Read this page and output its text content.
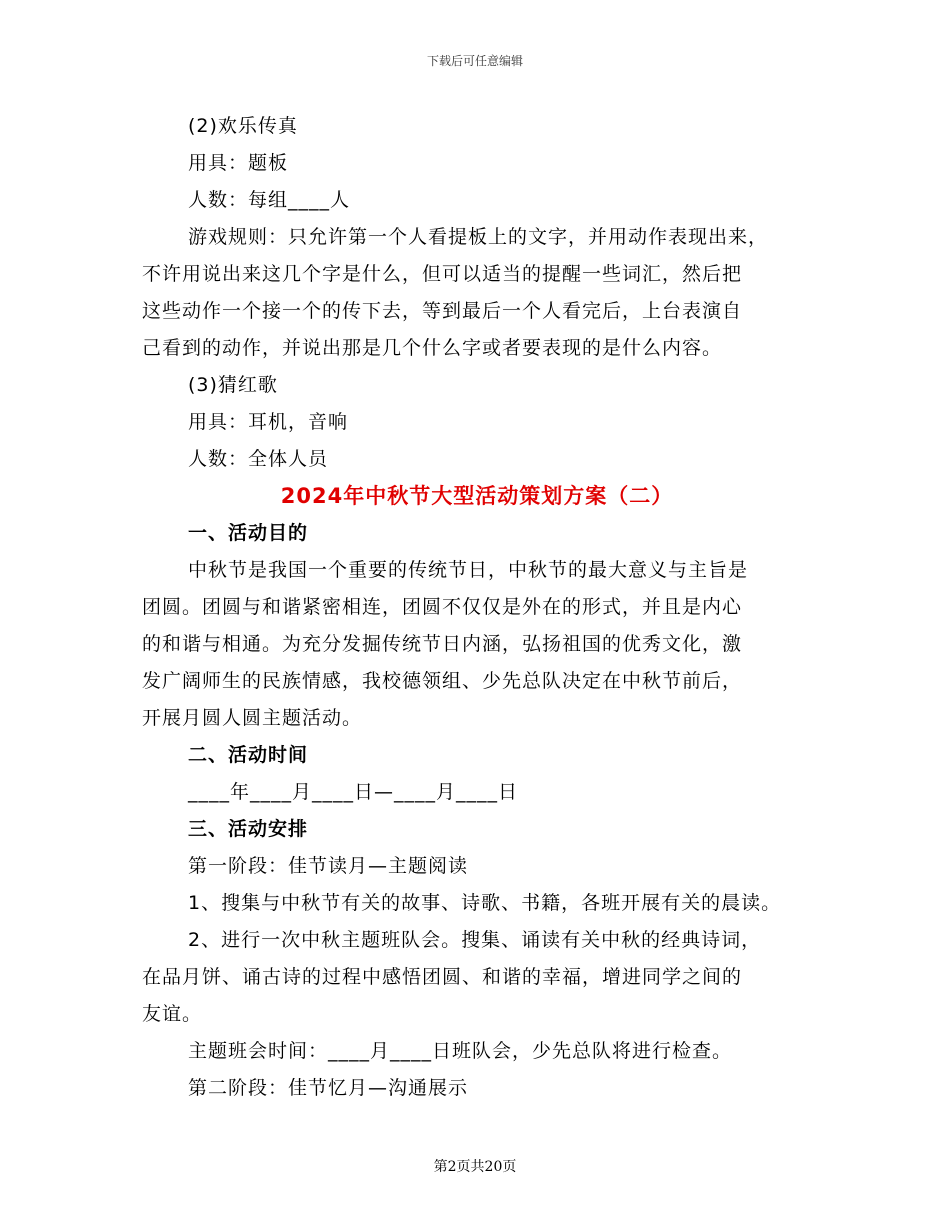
下载后可任意编辑
(2)欢乐传真
用具：题板
人数：每组____人
游戏规则：只允许第一个人看提板上的文字，并用动作表现出来，
不许用说出来这几个字是什么，但可以适当的提醒一些词汇，然后把
这些动作一个接一个的传下去，等到最后一个人看完后，上台表演自
己看到的动作，并说出那是几个什么字或者要表现的是什么内容。
(3)猜红歌
用具：耳机，音响
人数：全体人员
2024年中秋节大型活动策划方案（二）
一、活动目的
中秋节是我国一个重要的传统节日，中秋节的最大意义与主旨是
团圆。团圆与和谐紧密相连，团圆不仅仅是外在的形式，并且是内心
的和谐与相通。为充分发掘传统节日内涵，弘扬祖国的优秀文化，激
发广阔师生的民族情感，我校德领组、少先总队决定在中秋节前后，
开展月圆人圆主题活动。
二、活动时间
____年____月____日—____月____日
三、活动安排
第一阶段：佳节读月—主题阅读
1、搜集与中秋节有关的故事、诗歌、书籍，各班开展有关的晨读。
2、进行一次中秋主题班队会。搜集、诵读有关中秋的经典诗词，
在品月饼、诵古诗的过程中感悟团圆、和谐的幸福，增进同学之间的
友谊。
主题班会时间：____月____日班队会，少先总队将进行检查。
第二阶段：佳节忆月—沟通展示
第2页共20页
